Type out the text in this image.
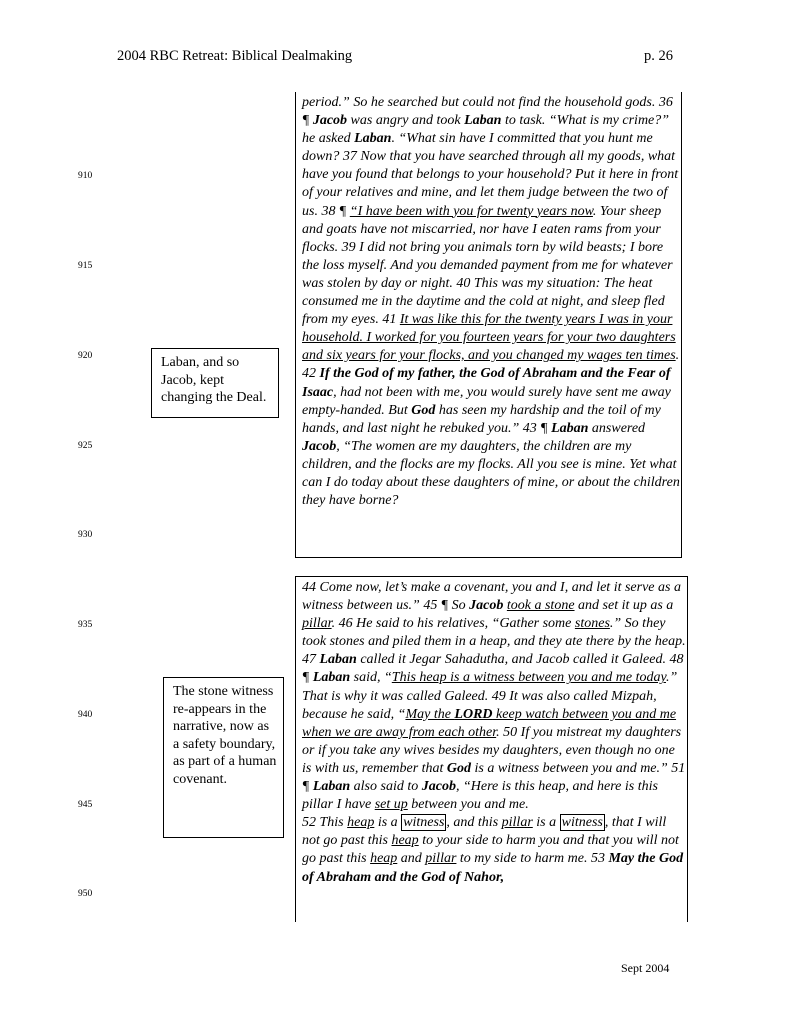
2004 RBC Retreat: Biblical Dealmaking	p. 26
910
915
920
925
930
935
940
945
950
Laban, and so Jacob, kept changing the Deal.
The stone witness re-appears in the narrative, now as a safety boundary, as part of a human covenant.

period.” So he searched but could not find the household gods. 36 ¶ Jacob was angry and took Laban to task. “What is my crime?” he asked Laban. “What sin have I committed that you hunt me down? 37 Now that you have searched through all my goods, what have you found that belongs to your household? Put it here in front of your relatives and mine, and let them judge between the two of us. 38 ¶ “I have been with you for twenty years now. Your sheep and goats have not miscarried, nor have I eaten rams from your flocks. 39 I did not bring you animals torn by wild beasts; I bore the loss myself. And you demanded payment from me for whatever was stolen by day or night. 40 This was my situation: The heat consumed me in the daytime and the cold at night, and sleep fled from my eyes. 41 It was like this for the twenty years I was in your household. I worked for you fourteen years for your two daughters and six years for your flocks, and you changed my wages ten times. 42 If the God of my father, the God of Abraham and the Fear of Isaac, had not been with me, you would surely have sent me away empty-handed. But God has seen my hardship and the toil of my hands, and last night he rebuked you.” 43 ¶ Laban answered Jacob, “The women are my daughters, the children are my children, and the flocks are my flocks. All you see is mine. Yet what can I do today about these daughters of mine, or about the children they have borne?

44 Come now, let’s make a covenant, you and I, and let it serve as a witness between us.” 45 ¶ So Jacob took a stone and set it up as a pillar. 46 He said to his relatives, “Gather some stones.” So they took stones and piled them in a heap, and they ate there by the heap. 47 Laban called it Jegar Sahadutha, and Jacob called it Galeed. 48 ¶ Laban said, “This heap is a witness between you and me today.” That is why it was called Galeed. 49 It was also called Mizpah, because he said, “May the LORD keep watch between you and me when we are away from each other. 50 If you mistreat my daughters or if you take any wives besides my daughters, even though no one is with us, remember that God is a witness between you and me.” 51 ¶ Laban also said to Jacob, “Here is this heap, and here is this pillar I have set up between you and me.

52 This heap is a witness , and this pillar is a witness , that I will not go past this heap to your side to harm you and that you will not go past this heap and pillar to my side to harm me. 53 May the God of Abraham and the God of Nahor,

Sept 2004
